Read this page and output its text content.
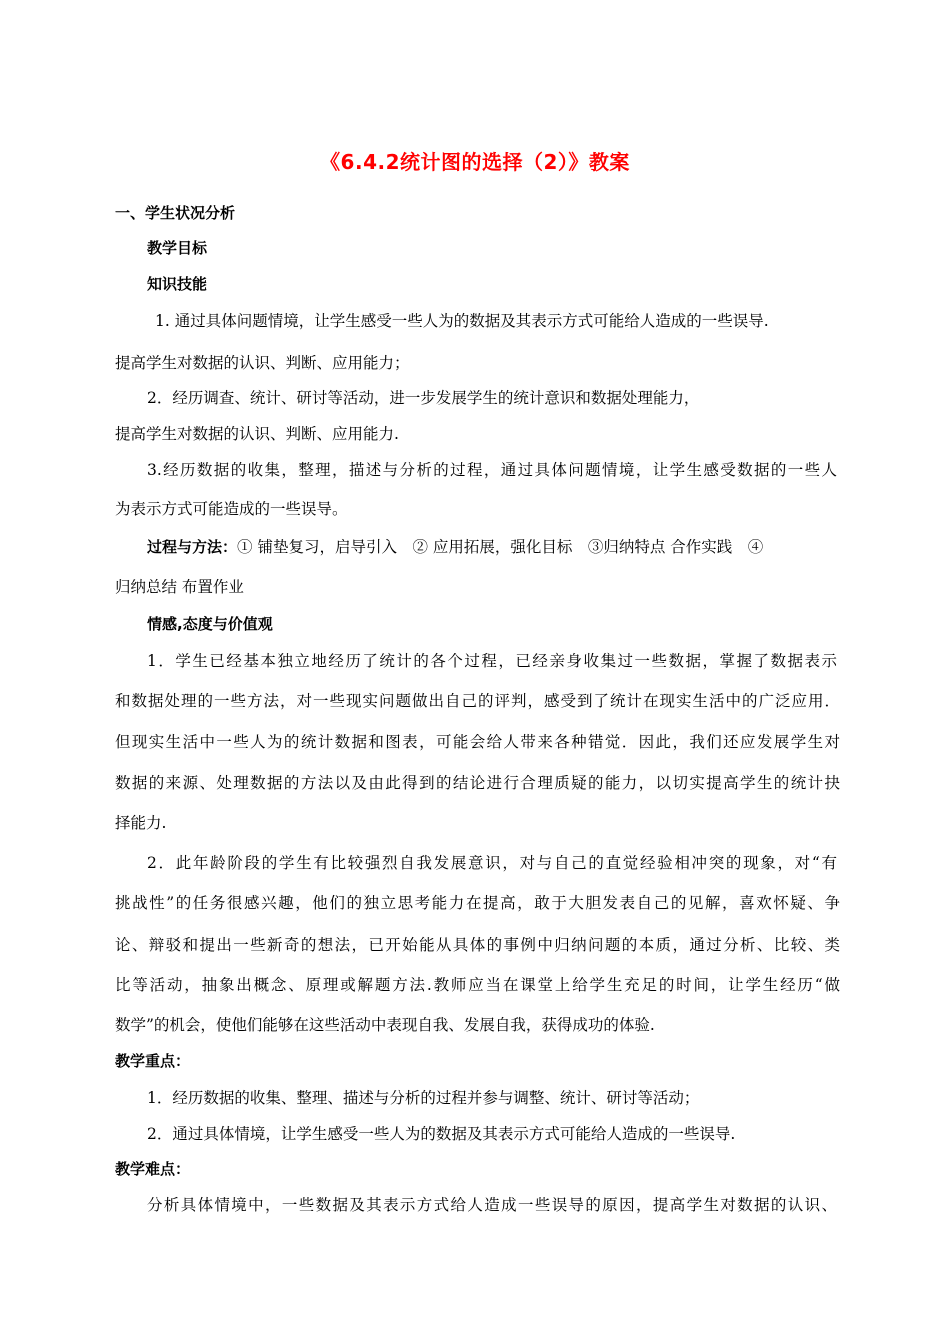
《6.4.2统计图的选择（2）》教案
一、学生状况分析
教学目标
知识技能
1. 通过具体问题情境，让学生感受一些人为的数据及其表示方式可能给人造成的一些误导.
提高学生对数据的认识、判断、应用能力；
2．经历调查、统计、研讨等活动，进一步发展学生的统计意识和数据处理能力，
提高学生对数据的认识、判断、应用能力.
3.经历数据的收集，整理，描述与分析的过程，通过具体问题情境，让学生感受数据的一些人
为表示方式可能造成的一些误导。
过程与方法：① 铺垫复习，启导引入　② 应用拓展，强化目标　③归纳特点 合作实践　④
归纳总结 布置作业
情感,态度与价值观
1．学生已经基本独立地经历了统计的各个过程，已经亲身收集过一些数据，掌握了数据表示
和数据处理的一些方法，对一些现实问题做出自己的评判，感受到了统计在现实生活中的广泛应用．
但现实生活中一些人为的统计数据和图表，可能会给人带来各种错觉．因此，我们还应发展学生对
数据的来源、处理数据的方法以及由此得到的结论进行合理质疑的能力，以切实提高学生的统计抉
择能力.
2．此年龄阶段的学生有比较强烈自我发展意识，对与自己的直觉经验相冲突的现象，对“有
挑战性”的任务很感兴趣，他们的独立思考能力在提高，敢于大胆发表自己的见解，喜欢怀疑、争
论、辩驳和提出一些新奇的想法，已开始能从具体的事例中归纳问题的本质，通过分析、比较、类
比等活动，抽象出概念、原理或解题方法.教师应当在课堂上给学生充足的时间，让学生经历“做
数学”的机会，使他们能够在这些活动中表现自我、发展自我，获得成功的体验.
教学重点：
1．经历数据的收集、整理、描述与分析的过程并参与调整、统计、研讨等活动；
2．通过具体情境，让学生感受一些人为的数据及其表示方式可能给人造成的一些误导.
教学难点：
分析具体情境中，一些数据及其表示方式给人造成一些误导的原因，提高学生对数据的认识、
